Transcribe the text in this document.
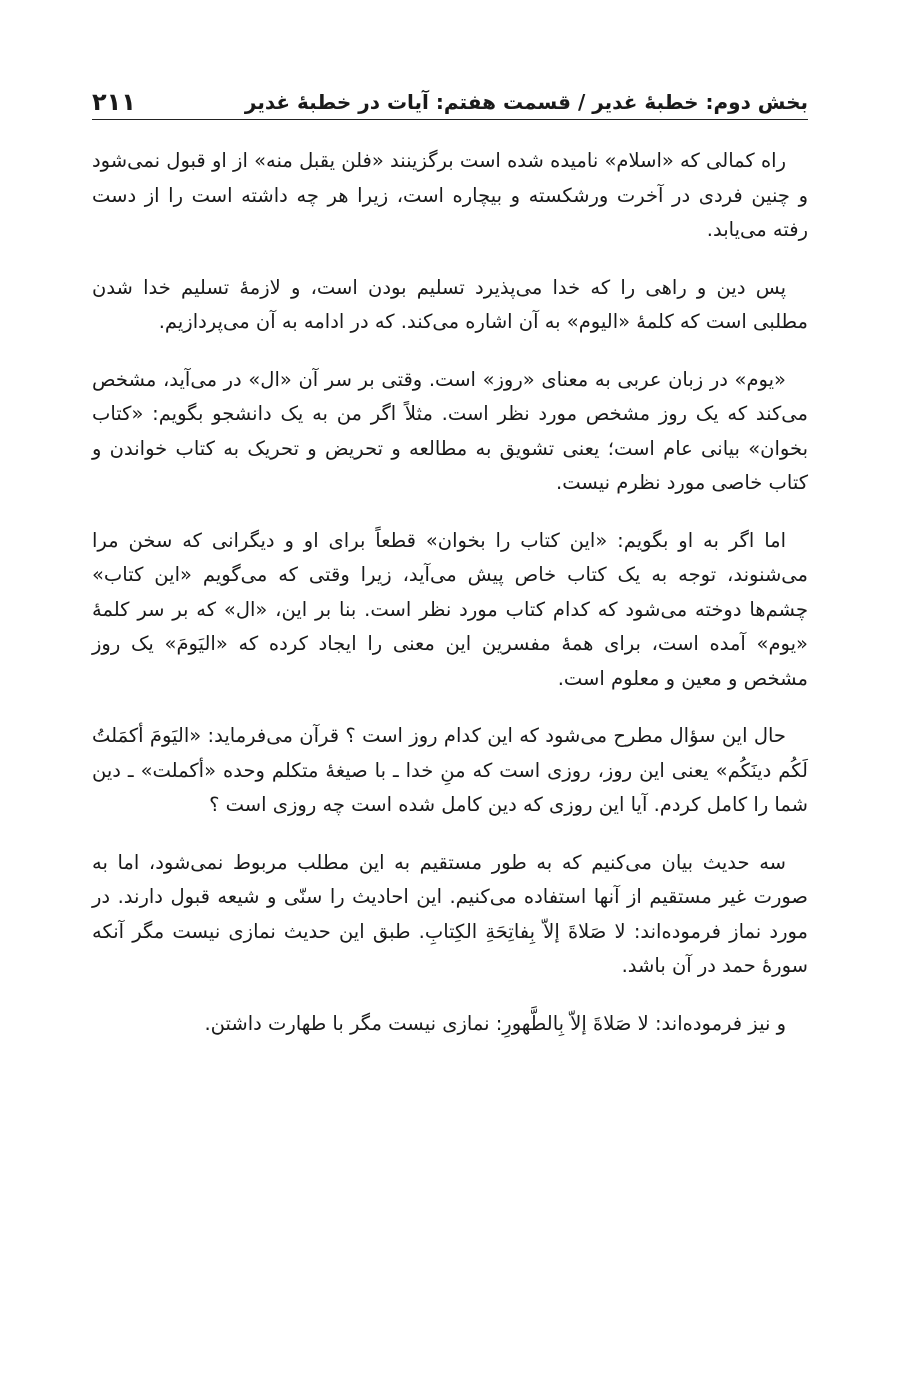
بخش دوم: خطبهٔ غدیر / قسمت هفتم: آیات در خطبهٔ غدیر
۲۱۱

راه کمالی که «اسلام» نامیده شده است برگزینند «فلن یقبل منه» از او قبول نمی‌شود و چنین فردی در آخرت ورشکسته و بیچاره است، زیرا هر چه داشته است را از دست رفته می‌یابد.

پس دین و راهی را که خدا می‌پذیرد تسلیم بودن است، و لازمهٔ تسلیم خدا شدن مطلبی است که کلمهٔ «الیوم» به آن اشاره می‌کند. که در ادامه به آن می‌پردازیم.

«یوم» در زبان عربی به معنای «روز» است. وقتی بر سر آن «ال» در می‌آید، مشخص می‌کند که یک روز مشخص مورد نظر است. مثلاً اگر من به یک دانشجو بگویم: «کتاب بخوان» بیانی عام است؛ یعنی تشویق به مطالعه و تحریض و تحریک به کتاب خواندن و کتاب خاصی مورد نظرم نیست.

اما اگر به او بگویم: «این کتاب را بخوان» قطعاً برای او و دیگرانی که سخن مرا می‌شنوند، توجه به یک کتاب خاص پیش می‌آید، زیرا وقتی که می‌گویم «این کتاب» چشم‌ها دوخته می‌شود که کدام کتاب مورد نظر است. بنا بر این، «ال» که بر سر کلمهٔ «یوم» آمده است، برای همهٔ مفسرین این معنی را ایجاد کرده که «الیَومَ» یک روز مشخص و معین و معلوم است.

حال این سؤال مطرح می‌شود که این کدام روز است ؟ قرآن می‌فرماید: «الیَومَ أکمَلتُ لَکُم دینَکُم» یعنی این روز، روزی است که منِ خدا ـ با صیغهٔ متکلم وحده «أکملت» ـ دین شما را کامل کردم. آیا این روزی که دین کامل شده است چه روزی است ؟

سه حدیث بیان می‌کنیم که به طور مستقیم به این مطلب مربوط نمی‌شود، اما به صورت غیر مستقیم از آنها استفاده می‌کنیم. این احادیث را سنّی و شیعه قبول دارند. در مورد نماز فرموده‌اند: لا صَلاةَ إلاّ بِفاتِحَةِ الکِتابِ. طبق این حدیث نمازی نیست مگر آنکه سورهٔ حمد در آن باشد.

و نیز فرموده‌اند: لا صَلاةَ إلاّ بِالطَّهورِ: نمازی نیست مگر با طهارت داشتن.
